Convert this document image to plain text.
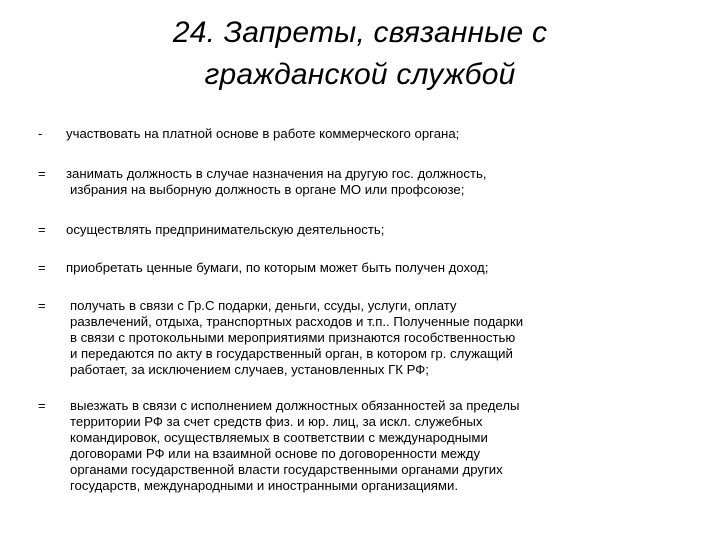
24. Запреты, связанные с
гражданской службой
-	участвовать на платной основе в работе коммерческого органа;
=	занимать должность в случае назначения на другую гос. должность,
избрания на выборную должность в органе МО или профсоюзе;
=	осуществлять предпринимательскую деятельность;
=	приобретать ценные бумаги, по которым может быть получен доход;
=	получать в связи с Гр.С подарки, деньги, ссуды, услуги, оплату
развлечений, отдыха, транспортных расходов и т.п.. Полученные подарки
в связи с протокольными мероприятиями признаются гособственностью
и передаются по акту в государственный орган, в котором гр. служащий
работает, за исключением случаев, установленных ГК РФ;
=	выезжать в связи с исполнением должностных обязанностей за пределы
территории РФ за счет средств физ. и юр. лиц, за искл. служебных
командировок, осуществляемых в соответствии с международными
договорами РФ или на взаимной основе по договоренности между
органами государственной власти государственными органами других
государств, международными и иностранными организациями.
